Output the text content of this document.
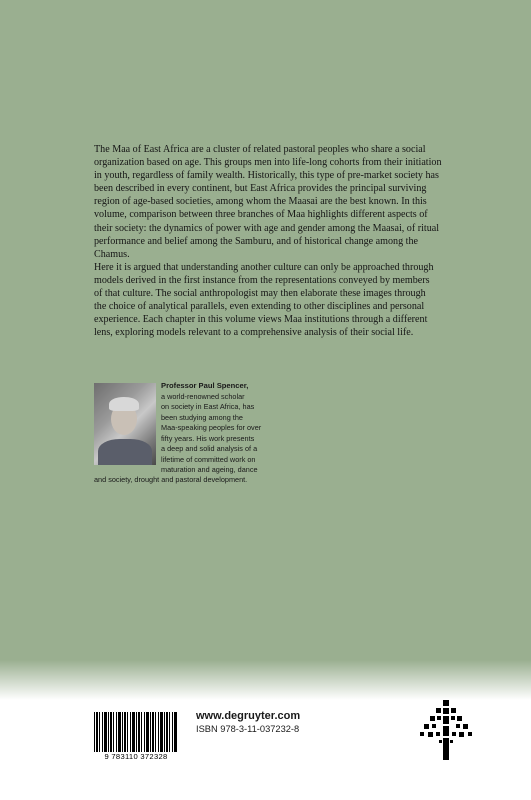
The Maa of East Africa are a cluster of related pastoral peoples who share a social

organization based on age. This groups men into life-long cohorts from their initiation

in youth, regardless of family wealth. Historically, this type of pre-market society has

been described in every continent, but East Africa provides the principal surviving

region of age-based societies, among whom the Maasai are the best known. In this

volume, comparison between three branches of Maa highlights different aspects of

their society: the dynamics of power with age and gender among the Maasai, of ritual

performance and belief among the Samburu, and of historical change among the

Chamus.

Here it is argued that understanding another culture can only be approached through

models derived in the first instance from the representations conveyed by members

of that culture. The social anthropologist may then elaborate these images through

the choice of analytical parallels, even extending to other disciplines and personal

experience. Each chapter in this volume views Maa institutions through a different

lens, exploring models relevant to a comprehensive analysis of their social life.

Professor Paul Spencer,
a world-renowned scholar
on society in East Africa, has
been studying among the
Maa-speaking peoples for over
fifty years. His work presents
a deep and solid analysis of a
lifetime of committed work on
maturation and ageing, dance
and society, drought and pastoral development.
9 783110 372328
www.degruyter.com
ISBN 978-3-11-037232-8
